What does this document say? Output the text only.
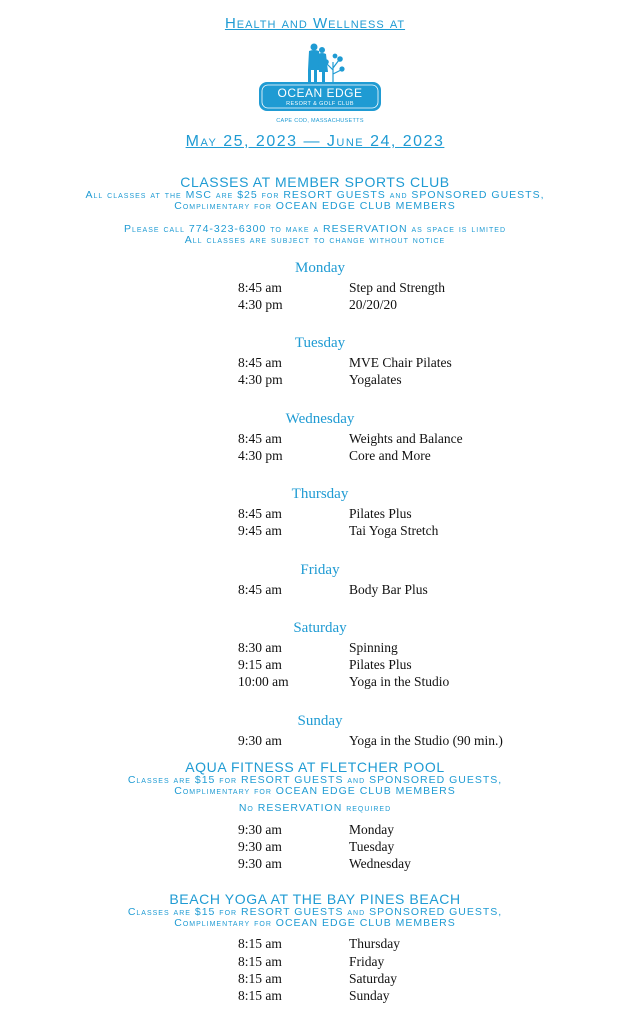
Health and Wellness at
OCEAN EDGE
RESORT & GOLF CLUB
CAPE COD, MASSACHUSETTS
May 25, 2023 — June 24, 2023
CLASSES AT MEMBER SPORTS CLUB
All classes at the MSC are $25 for RESORT GUESTS and SPONSORED GUESTS,
Complimentary for OCEAN EDGE CLUB MEMBERS
Please call 774-323-6300 to make a RESERVATION as space is limited
All classes are subject to change without notice
Monday
8:45 am	Step and Strength
4:30 pm	20/20/20
Tuesday
8:45 am	MVE Chair Pilates
4:30 pm	Yogalates
Wednesday
8:45 am	Weights and Balance
4:30 pm	Core and More
Thursday
8:45 am	Pilates Plus
9:45 am	Tai Yoga Stretch
Friday
8:45 am	Body Bar Plus
Saturday
8:30 am	Spinning
9:15 am	Pilates Plus
10:00 am	Yoga in the Studio
Sunday
9:30 am	Yoga in the Studio (90 min.)
AQUA FITNESS AT FLETCHER POOL
Classes are $15 for RESORT GUESTS and SPONSORED GUESTS,
Complimentary for OCEAN EDGE CLUB MEMBERS
No RESERVATION required
9:30 am	Monday
9:30 am	Tuesday
9:30 am	Wednesday
BEACH YOGA AT THE BAY PINES BEACH
Classes are $15 for RESORT GUESTS and SPONSORED GUESTS,
Complimentary for OCEAN EDGE CLUB MEMBERS
8:15 am	Thursday
8:15 am	Friday
8:15 am	Saturday
8:15 am	Sunday
